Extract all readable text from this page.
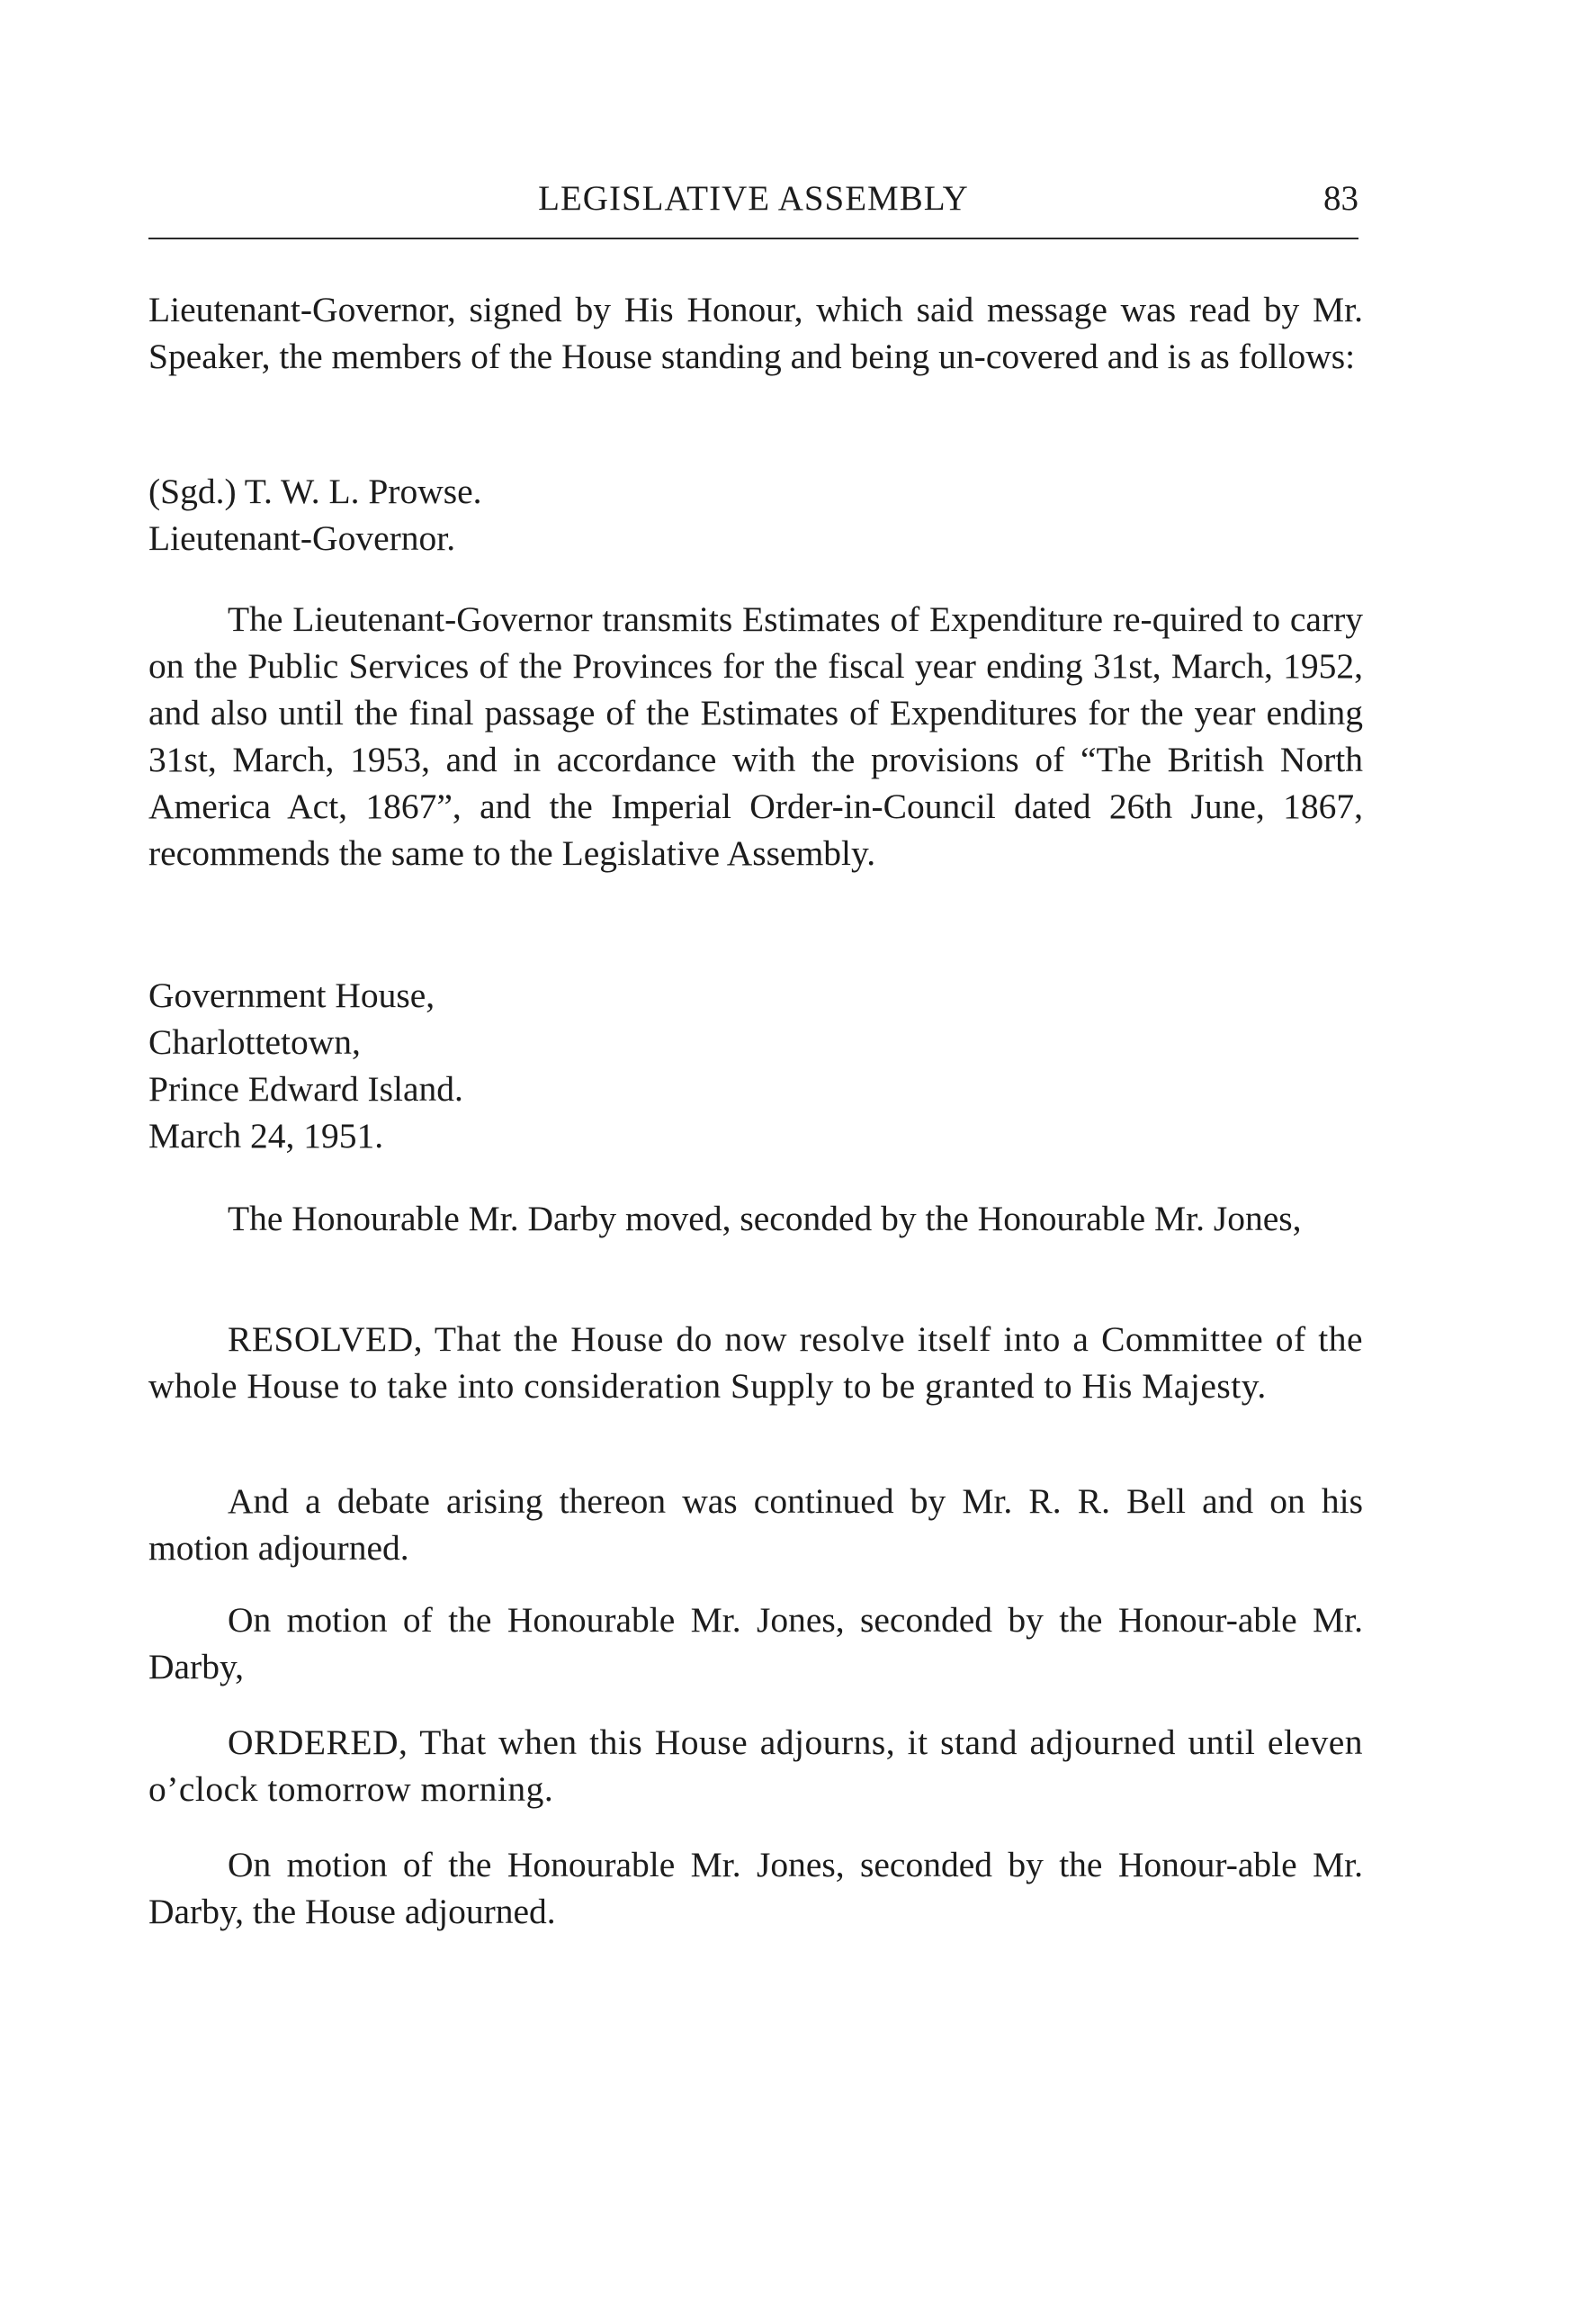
LEGISLATIVE ASSEMBLY	83

Lieutenant-Governor, signed by His Honour, which said message was read by Mr. Speaker, the members of the House standing and being un-covered and is as follows:

(Sgd.) T. W. L. Prowse.
Lieutenant-Governor.

The Lieutenant-Governor transmits Estimates of Expenditure re-quired to carry on the Public Services of the Provinces for the fiscal year ending 31st, March, 1952, and also until the final passage of the Estimates of Expenditures for the year ending 31st, March, 1953, and in accordance with the provisions of “The British North America Act, 1867”, and the Imperial Order-in-Council dated 26th June, 1867, recommends the same to the Legislative Assembly.

Government House,
Charlottetown,
Prince Edward Island.
March 24, 1951.

The Honourable Mr. Darby moved, seconded by the Honourable Mr. Jones,

RESOLVED, That the House do now resolve itself into a Committee of the whole House to take into consideration Supply to be granted to His Majesty.

And a debate arising thereon was continued by Mr. R. R. Bell and on his motion adjourned.

On motion of the Honourable Mr. Jones, seconded by the Honour-able Mr. Darby,

ORDERED, That when this House adjourns, it stand adjourned until eleven o’clock tomorrow morning.

On motion of the Honourable Mr. Jones, seconded by the Honour-able Mr. Darby, the House adjourned.
